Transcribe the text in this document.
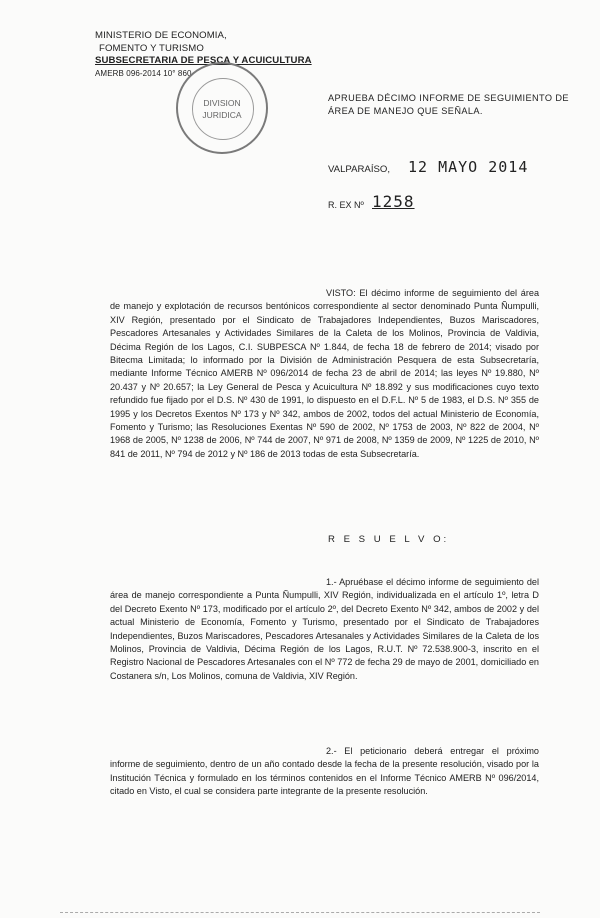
MINISTERIO DE ECONOMIA,
FOMENTO Y TURISMO
SUBSECRETARIA DE PESCA Y ACUICULTURA
AMERB 096-2014 10° 860
DIVISION
JURIDICA
APRUEBA DÉCIMO INFORME DE SEGUIMIENTO DE
ÁREA DE MANEJO QUE SEÑALA.
VALPARAÍSO, 12 MAYO 2014
R. EX Nº 1258
VISTO: El décimo informe de seguimiento del área de manejo y explotación de recursos bentónicos correspondiente al sector denominado Punta Ñumpulli, XIV Región, presentado por el Sindicato de Trabajadores Independientes, Buzos Mariscadores, Pescadores Artesanales y Actividades Similares de la Caleta de los Molinos, Provincia de Valdivia, Décima Región de los Lagos, C.I. SUBPESCA Nº 1.844, de fecha 18 de febrero de 2014; visado por Bitecma Limitada; lo informado por la División de Administración Pesquera de esta Subsecretaría, mediante Informe Técnico AMERB Nº 096/2014 de fecha 23 de abril de 2014; las leyes Nº 19.880, Nº 20.437 y Nº 20.657; la Ley General de Pesca y Acuicultura Nº 18.892 y sus modificaciones cuyo texto refundido fue fijado por el D.S. Nº 430 de 1991, lo dispuesto en el D.F.L. Nº 5 de 1983, el D.S. Nº 355 de 1995 y los Decretos Exentos Nº 173 y Nº 342, ambos de 2002, todos del actual Ministerio de Economía, Fomento y Turismo; las Resoluciones Exentas Nº 590 de 2002, Nº 1753 de 2003, Nº 822 de 2004, Nº 1968 de 2005, Nº 1238 de 2006, Nº 744 de 2007, Nº 971 de 2008, Nº 1359 de 2009, Nº 1225 de 2010, Nº 841 de 2011, Nº 794 de 2012 y Nº 186 de 2013 todas de esta Subsecretaría.
R E S U E L V O:
1.- Apruébase el décimo informe de seguimiento del área de manejo correspondiente a Punta Ñumpulli, XIV Región, individualizada en el artículo 1º, letra D del Decreto Exento Nº 173, modificado por el artículo 2º, del Decreto Exento Nº 342, ambos de 2002 y del actual Ministerio de Economía, Fomento y Turismo, presentado por el Sindicato de Trabajadores Independientes, Buzos Mariscadores, Pescadores Artesanales y Actividades Similares de la Caleta de los Molinos, Provincia de Valdivia, Décima Región de los Lagos, R.U.T. Nº 72.538.900-3, inscrito en el Registro Nacional de Pescadores Artesanales con el Nº 772 de fecha 29 de mayo de 2001, domiciliado en Costanera s/n, Los Molinos, comuna de Valdivia, XIV Región.
2.- El peticionario deberá entregar el próximo informe de seguimiento, dentro de un año contado desde la fecha de la presente resolución, visado por la Institución Técnica y formulado en los términos contenidos en el Informe Técnico AMERB Nº 096/2014, citado en Visto, el cual se considera parte integrante de la presente resolución.
